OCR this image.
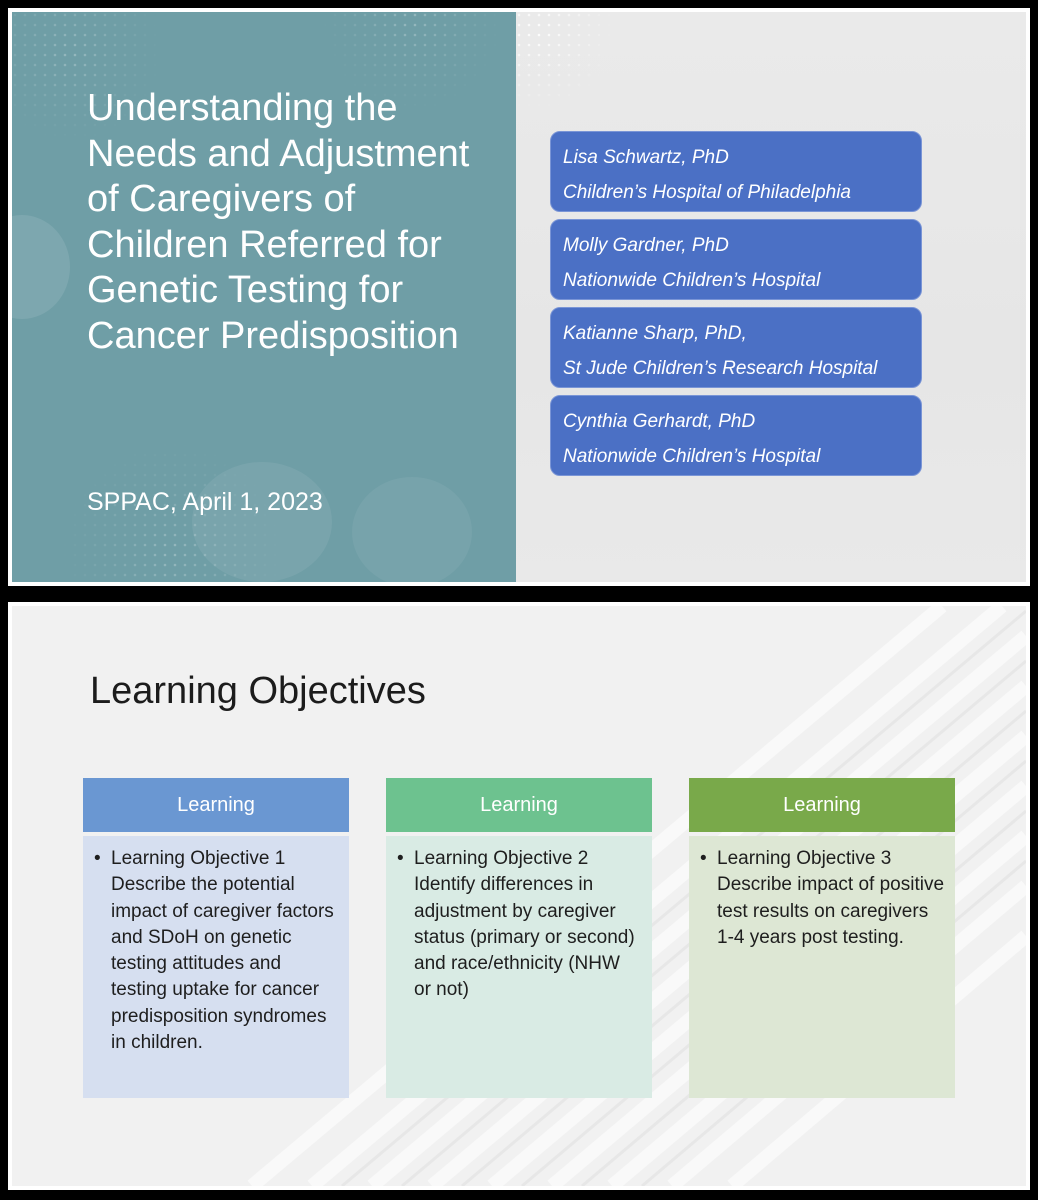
Understanding the Needs and Adjustment of Caregivers of Children Referred for Genetic Testing for Cancer Predisposition

SPPAC, April 1, 2023

Lisa Schwartz, PhD
Children’s Hospital of Philadelphia
Molly Gardner, PhD
Nationwide Children’s Hospital
Katianne Sharp, PhD,
St Jude Children’s Research Hospital
Cynthia Gerhardt, PhD
Nationwide Children’s Hospital
Learning Objectives
Learning
• Learning Objective 1 Describe the potential impact of caregiver factors and SDoH on genetic testing attitudes and testing uptake for cancer predisposition syndromes in children.
Learning
• Learning Objective 2 Identify differences in adjustment by caregiver status (primary or second) and race/ethnicity (NHW or not)
Learning
• Learning Objective 3 Describe impact of positive test results on caregivers 1-4 years post testing.
